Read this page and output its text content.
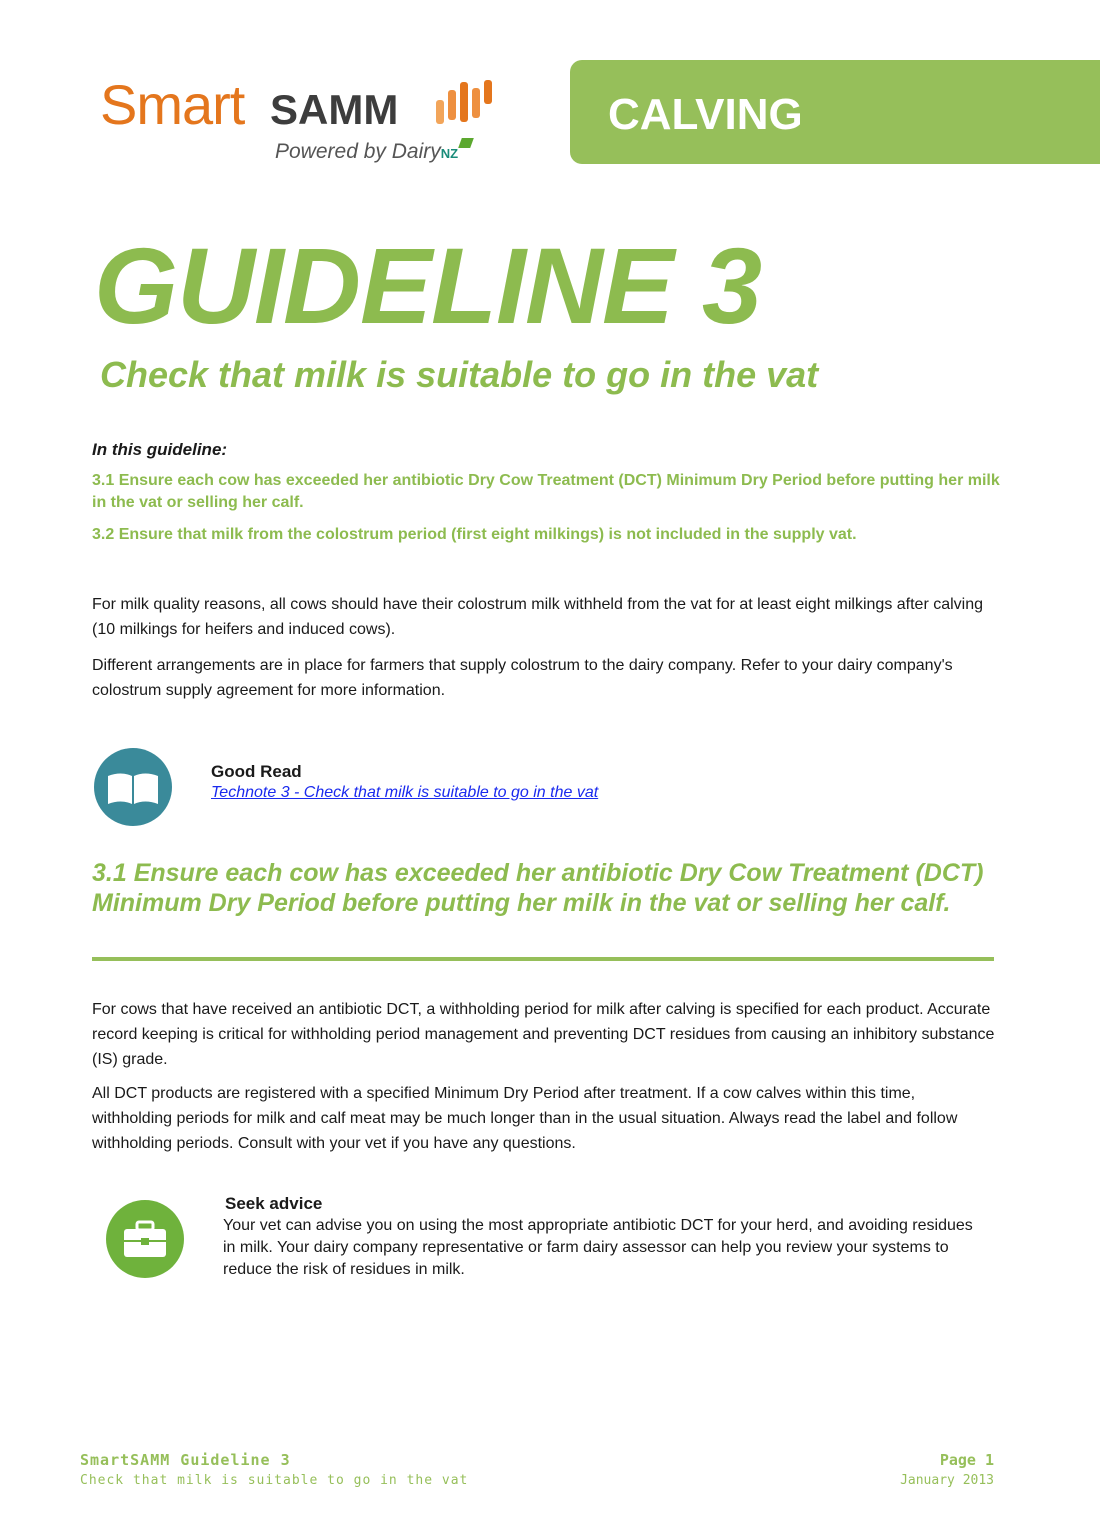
Smart SAMM
Powered by DairyNZ
CALVING
GUIDELINE 3
Check that milk is suitable to go in the vat
In this guideline:
3.1 Ensure each cow has exceeded her antibiotic Dry Cow Treatment (DCT) Minimum Dry Period before putting her milk in the vat or selling her calf.
3.2 Ensure that milk from the colostrum period (first eight milkings) is not included in the supply vat.
For milk quality reasons, all cows should have their colostrum milk withheld from the vat for at least eight milkings after calving (10 milkings for heifers and induced cows).
Different arrangements are in place for farmers that supply colostrum to the dairy company. Refer to your dairy company's colostrum supply agreement for more information.
Good Read
Technote 3 - Check that milk is suitable to go in the vat
3.1 Ensure each cow has exceeded her antibiotic Dry Cow Treatment (DCT) Minimum Dry Period before putting her milk in the vat or selling her calf.
For cows that have received an antibiotic DCT, a withholding period for milk after calving is specified for each product. Accurate record keeping is critical for withholding period management and preventing DCT residues from causing an inhibitory substance (IS) grade.
All DCT products are registered with a specified Minimum Dry Period after treatment. If a cow calves within this time, withholding periods for milk and calf meat may be much longer than in the usual situation. Always read the label and follow withholding periods. Consult with your vet if you have any questions.
Seek advice
Your vet can advise you on using the most appropriate antibiotic DCT for your herd, and avoiding residues in milk. Your dairy company representative or farm dairy assessor can help you review your systems to reduce the risk of residues in milk.
SmartSAMM Guideline 3
Check that milk is suitable to go in the vat
Page 1
January 2013
